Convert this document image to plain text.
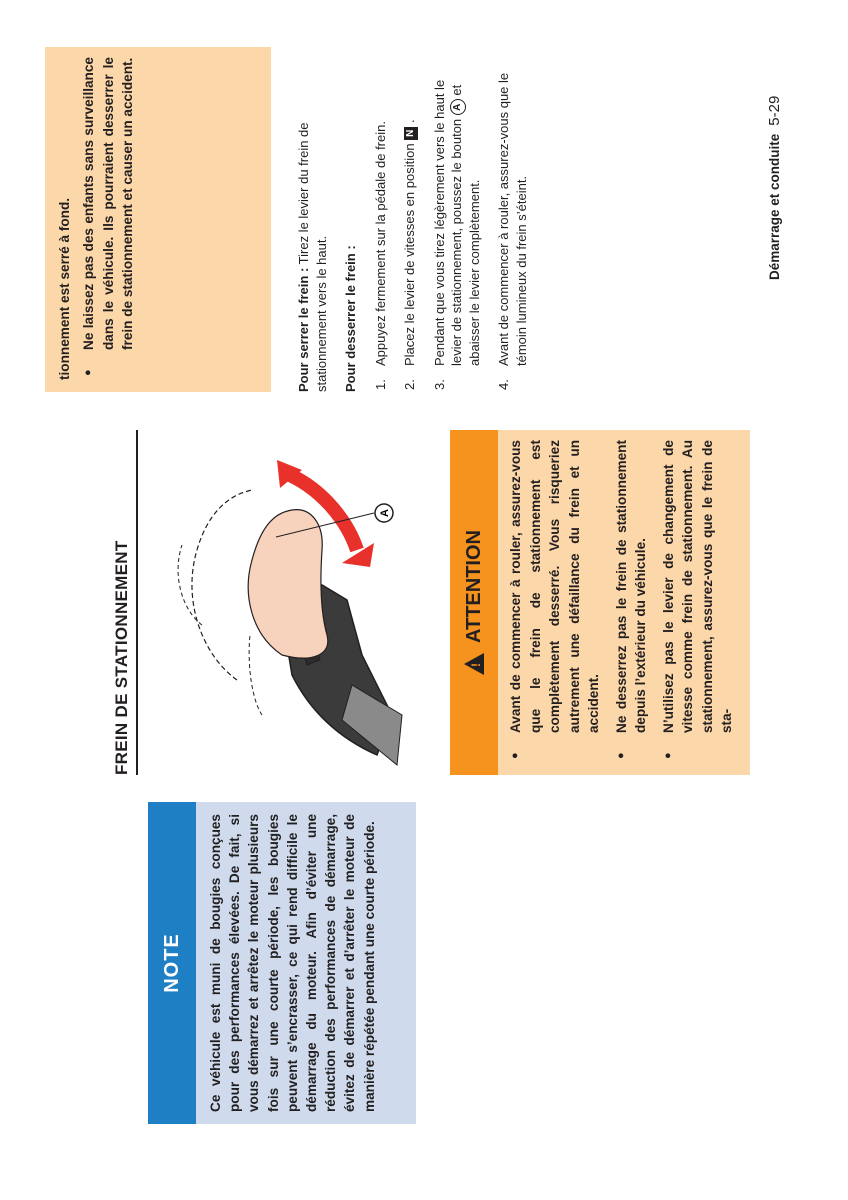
NOTE	Ce véhicule est muni de bougies conçues pour des performances élevées. De fait, si vous démarrez et arrêtez le moteur plusieurs fois sur une courte période, les bougies peuvent s’encrasser, ce qui rend difficile le démarrage du moteur. Afin d’éviter une réduction des performances de démarrage, évitez de démarrer et d’arrêter le moteur de manière répétée pendant une courte période.
FREIN DE STATIONNEMENT
A
!
ATTENTION ● Avant de commencer à rouler, assurez-vous que le frein de stationnement est complètement desserré. Vous risqueriez autrement une défaillance du frein et un accident. ● Ne desserrez pas le frein de stationnement depuis l’extérieur du véhicule. ● N’utilisez pas le levier de changement de vitesse comme frein de stationnement. Au stationnement, assurez-vous que le frein de sta-
tionnement est serré à fond. ● Ne laissez pas des enfants sans surveillance dans le véhicule. Ils pourraient desserrer le frein de stationnement et causer un accident.	Pour serrer le frein : Tirez le levier du frein de stationnement vers le haut. Pour desserrer le frein : 1.
Appuyez fermement sur la pédale de frein.
2.
Placez le levier de vitesses en position N .
3.
Pendant que vous tirez légèrement vers le haut le levier de stationnement, poussez le bouton A et abaisser le levier complètement.
4.
Avant de commencer à rouler, assurez-vous que le témoin lumineux du frein s’éteint.	Démarrage et conduite5-29
